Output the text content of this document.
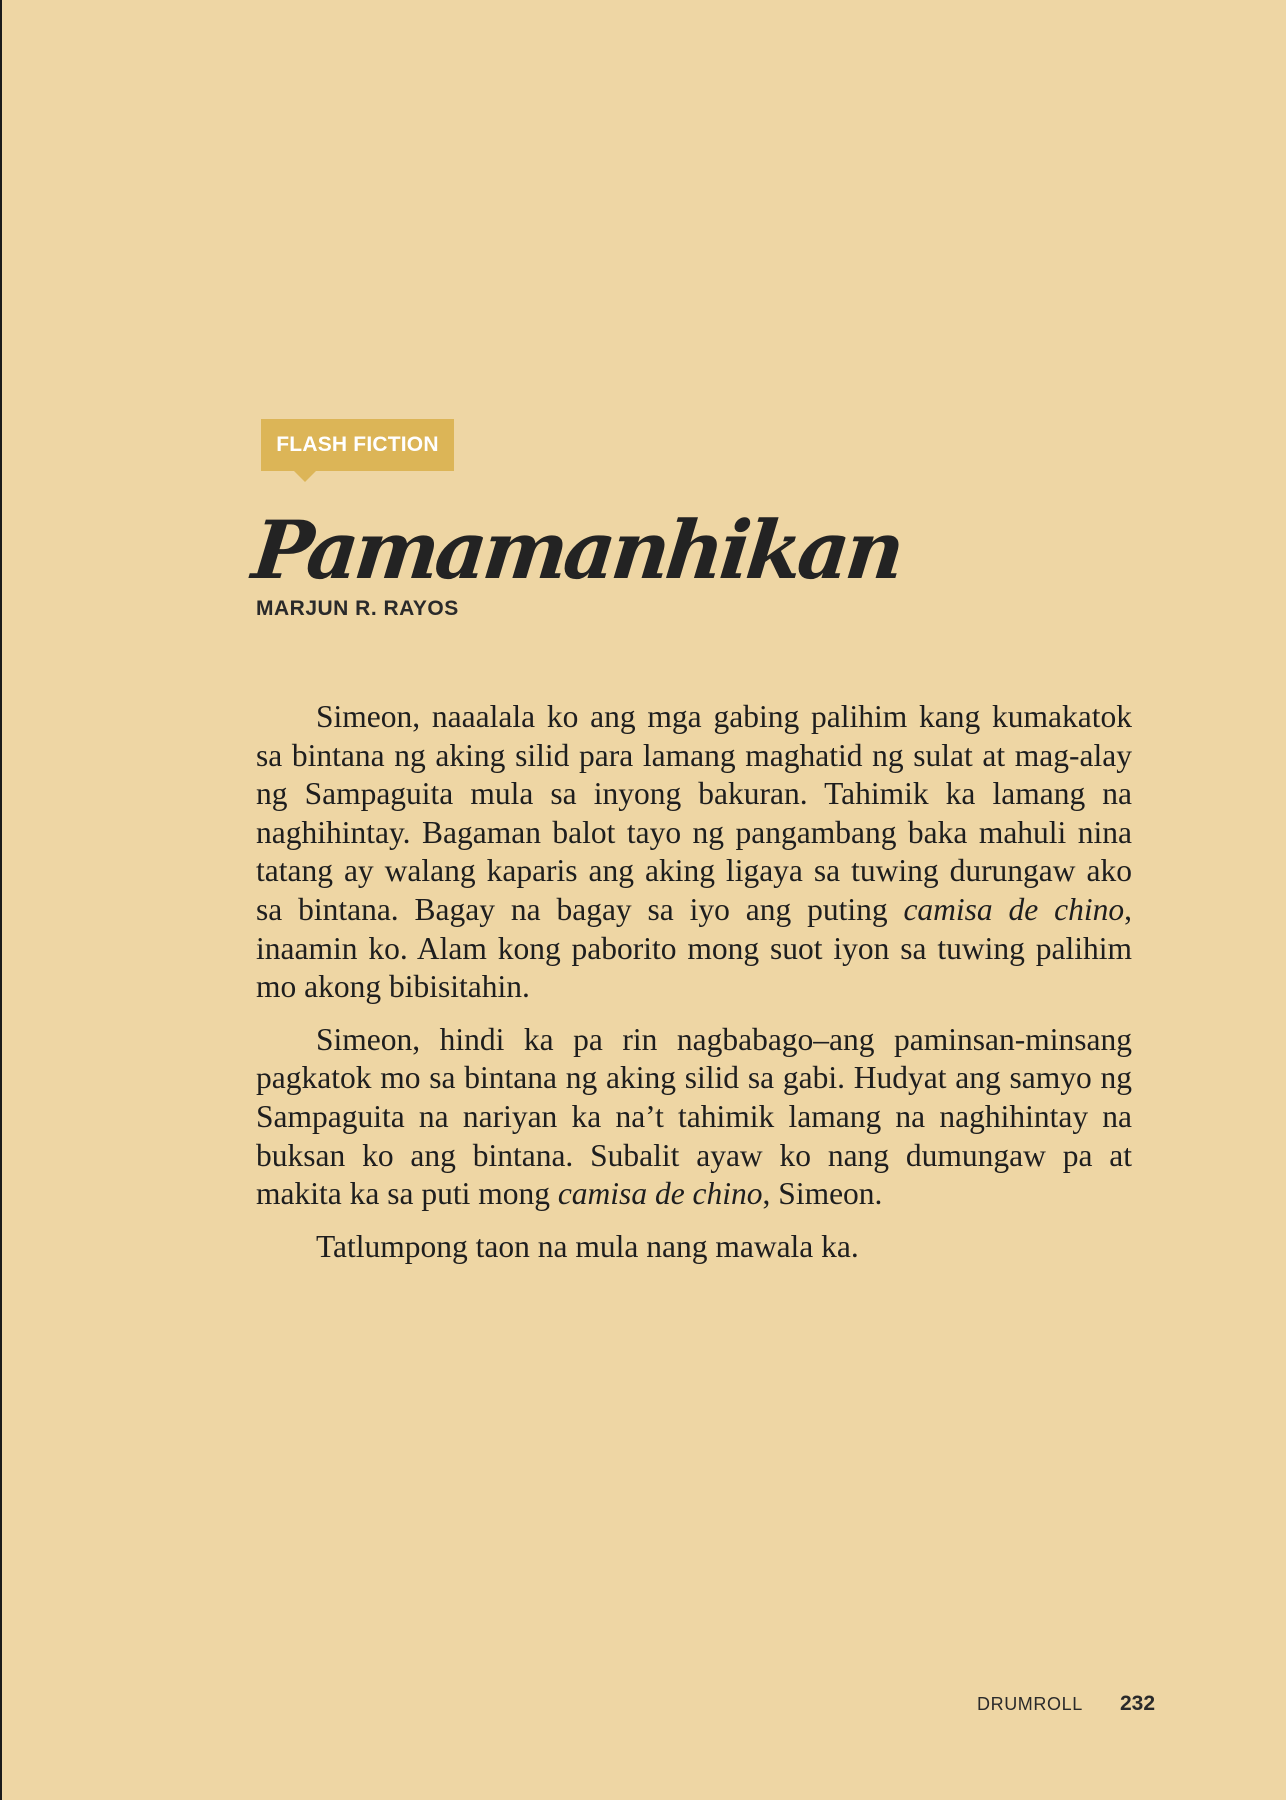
FLASH FICTION
Pamamanhikan
MARJUN R. RAYOS

Simeon, naaalala ko ang mga gabing palihim kang kumakatok sa bintana ng aking silid para lamang maghatid ng sulat at mag-alay ng Sampaguita mula sa inyong bakuran. Tahimik ka lamang na naghihintay. Bagaman balot tayo ng pangambang baka mahuli nina tatang ay walang kaparis ang aking ligaya sa tuwing durungaw ako sa bintana. Bagay na bagay sa iyo ang puting camisa de chino, inaamin ko. Alam kong paborito mong suot iyon sa tuwing palihim mo akong bibisitahin.

Simeon, hindi ka pa rin nagbabago–ang paminsan-minsang pagkatok mo sa bintana ng aking silid sa gabi. Hudyat ang samyo ng Sampaguita na nariyan ka na’t tahimik lamang na naghihintay na buksan ko ang bintana. Subalit ayaw ko nang dumungaw pa at makita ka sa puti mong camisa de chino, Simeon.

Tatlumpong taon na mula nang mawala ka.

DRUMROLL 232
